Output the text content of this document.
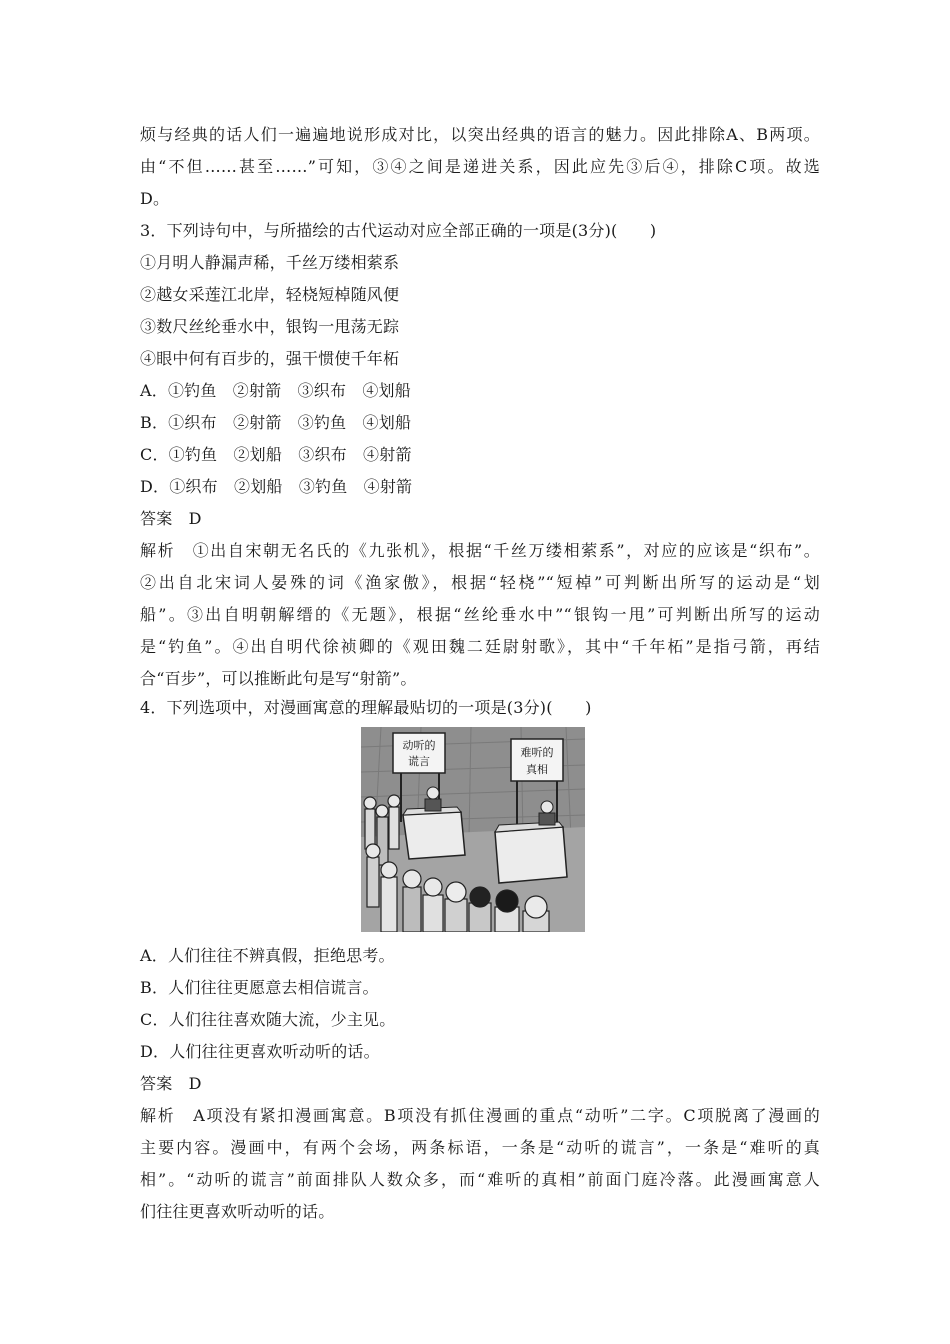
烦与经典的话人们一遍遍地说形成对比，以突出经典的语言的魅力。因此排除A、B两项。
由“不但……甚至……”可知，③④之间是递进关系，因此应先③后④，排除C项。故选
D。
3．下列诗句中，与所描绘的古代运动对应全部正确的一项是(3分)(　　)
①月明人静漏声稀，千丝万缕相萦系
②越女采莲江北岸，轻桡短棹随风便
③数尺丝纶垂水中，银钩一甩荡无踪
④眼中何有百步的，强干惯使千年柘
A．①钓鱼　②射箭　③织布　④划船
B．①织布　②射箭　③钓鱼　④划船
C．①钓鱼　②划船　③织布　④射箭
D．①织布　②划船　③钓鱼　④射箭
答案　D
解析　①出自宋朝无名氏的《九张机》，根据“千丝万缕相萦系”，对应的应该是“织布”。
②出自北宋词人晏殊的词《渔家傲》，根据“轻桡”“短棹”可判断出所写的运动是“划
船”。③出自明朝解缙的《无题》，根据“丝纶垂水中”“银钩一甩”可判断出所写的运动
是“钓鱼”。④出自明代徐祯卿的《观田魏二廷尉射歌》，其中“千年柘”是指弓箭，再结
合“百步”，可以推断此句是写“射箭”。
4．下列选项中，对漫画寓意的理解最贴切的一项是(3分)(　　)
动听的
谎言
难听的
真相
A．人们往往不辨真假，拒绝思考。
B．人们往往更愿意去相信谎言。
C．人们往往喜欢随大流，少主见。
D．人们往往更喜欢听动听的话。
答案　D
解析　A项没有紧扣漫画寓意。B项没有抓住漫画的重点“动听”二字。C项脱离了漫画的
主要内容。漫画中，有两个会场，两条标语，一条是“动听的谎言”，一条是“难听的真
相”。“动听的谎言”前面排队人数众多，而“难听的真相”前面门庭冷落。此漫画寓意人
们往往更喜欢听动听的话。
